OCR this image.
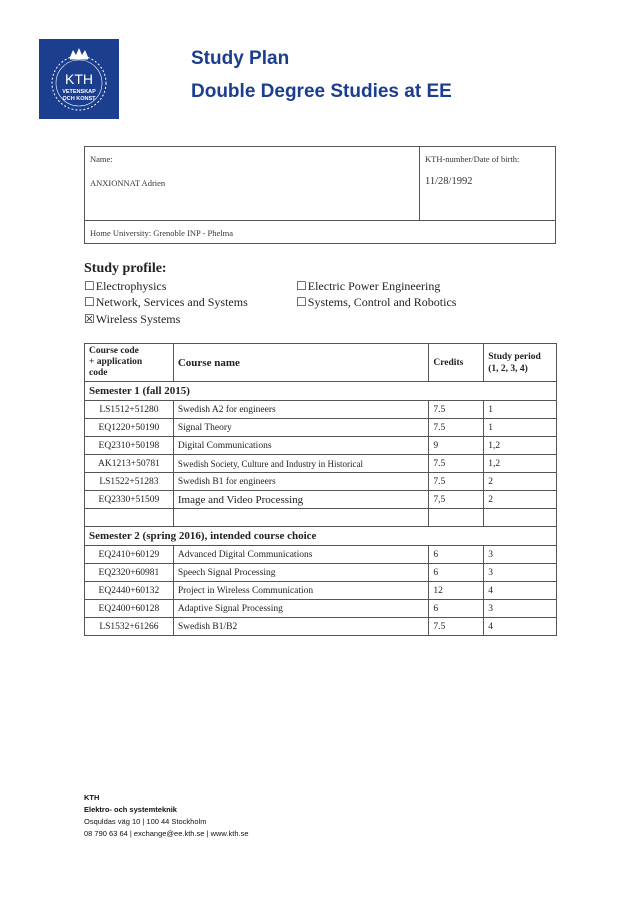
KTH
VETENSKAP
OCH KONST
Study Plan
Double Degree Studies at EE
Name:
ANXIONNAT Adrien
KTH-number/Date of birth:
11/28/1992
Home University: Grenoble INP - Phelma
Study profile:
☐Electrophysics	☐Electric Power Engineering
☐Network, Services and Systems	☐Systems, Control and Robotics
☒Wireless Systems
Course code
+ application
code	Course name	Credits	Study period
(1, 2, 3, 4)
Semester 1 (fall 2015)			
LS1512+51280	Swedish A2 for engineers	7.5	1
EQ1220+50190	Signal Theory	7.5	1
EQ2310+50198	Digital Communications	9	1,2
AK1213+50781	Swedish Society, Culture and Industry in Historical	7.5	1,2
LS1522+51283	Swedish B1 for engineers	7.5	2
EQ2330+51509	Image and Video Processing	7,5	2

Semester 2 (spring 2016), intended course choice			
EQ2410+60129	Advanced Digital Communications	6	3
EQ2320+60981	Speech Signal Processing	6	3
EQ2440+60132	Project in Wireless Communication	12	4
EQ2400+60128	Adaptive Signal Processing	6	3
LS1532+61266	Swedish B1/B2	7.5	4
KTH
Elektro- och systemteknik
Osquldas väg 10 | 100 44 Stockholm
08 790 63 64 | exchange@ee.kth.se | www.kth.se
